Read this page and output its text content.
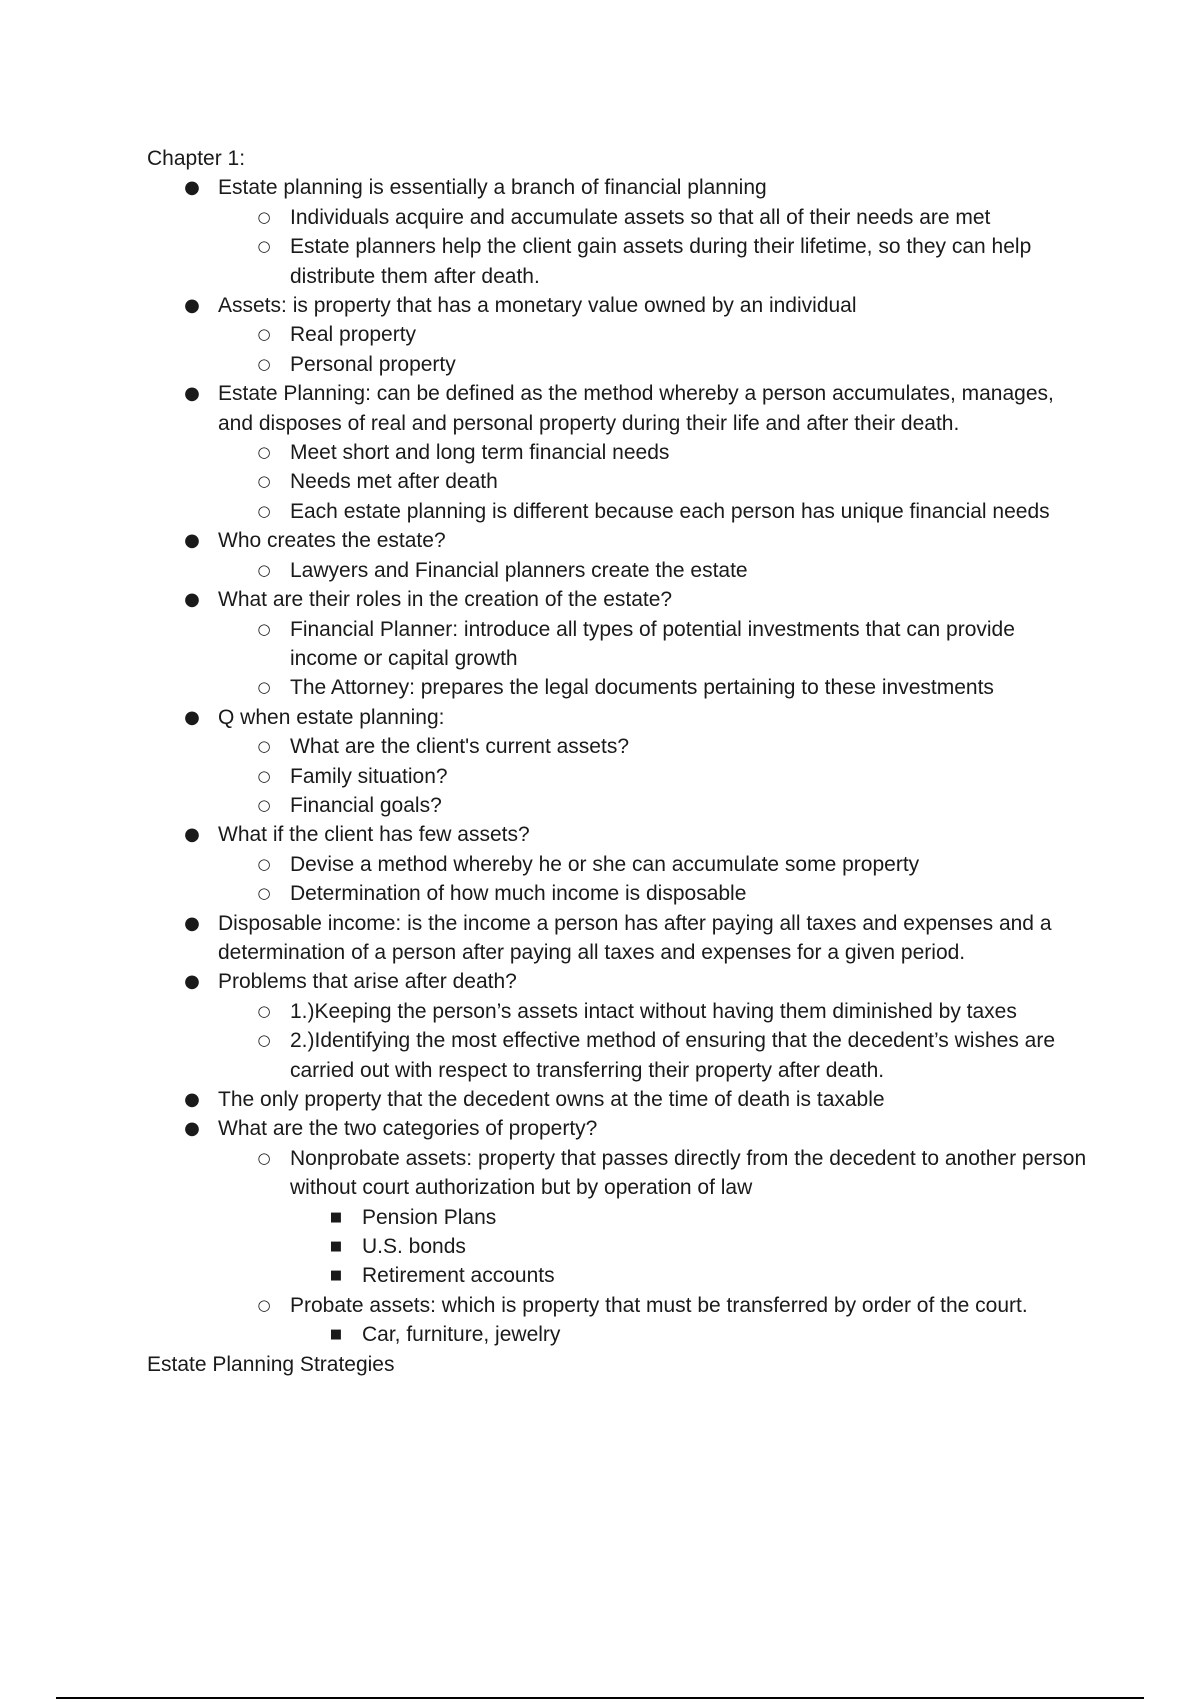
Chapter 1:

● Estate planning is essentially a branch of financial planning
○ Individuals acquire and accumulate assets so that all of their needs are met
○ Estate planners help the client gain assets during their lifetime, so they can help distribute them after death.
● Assets: is property that has a monetary value owned by an individual
○ Real property
○ Personal property
● Estate Planning: can be defined as the method whereby a person accumulates, manages, and disposes of real and personal property during their life and after their death.
○ Meet short and long term financial needs
○ Needs met after death
○ Each estate planning is different because each person has unique financial needs
● Who creates the estate?
○ Lawyers and Financial planners create the estate
● What are their roles in the creation of the estate?
○ Financial Planner: introduce all types of potential investments that can provide income or capital growth
○ The Attorney: prepares the legal documents pertaining to these investments
● Q when estate planning:
○ What are the client's current assets?
○ Family situation?
○ Financial goals?
● What if the client has few assets?
○ Devise a method whereby he or she can accumulate some property
○ Determination of how much income is disposable
● Disposable income: is the income a person has after paying all taxes and expenses and a determination of a person after paying all taxes and expenses for a given period.
● Problems that arise after death?
○ 1.)Keeping the person’s assets intact without having them diminished by taxes
○ 2.)Identifying the most effective method of ensuring that the decedent’s wishes are carried out with respect to transferring their property after death.
● The only property that the decedent owns at the time of death is taxable
● What are the two categories of property?
○ Nonprobate assets: property that passes directly from the decedent to another person without court authorization but by operation of law
■ Pension Plans
■ U.S. bonds
■ Retirement accounts
○ Probate assets: which is property that must be transferred by order of the court.
■ Car, furniture, jewelry

Estate Planning Strategies
